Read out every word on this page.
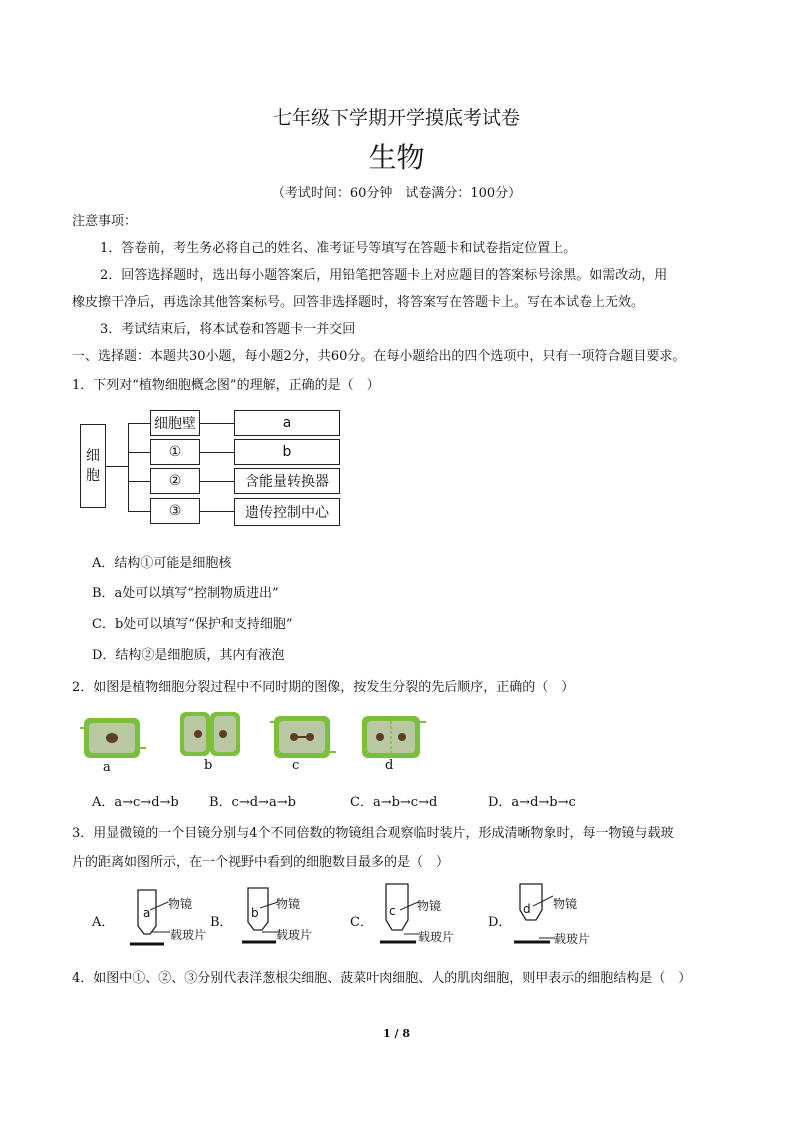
七年级下学期开学摸底考试卷
生物
（考试时间：60分钟　试卷满分：100分）
注意事项：
1．答卷前，考生务必将自己的姓名、准考证号等填写在答题卡和试卷指定位置上。
2．回答选择题时，选出每小题答案后，用铅笔把答题卡上对应题目的答案标号涂黑。如需改动，用
橡皮擦干净后，再选涂其他答案标号。回答非选择题时，将答案写在答题卡上。写在本试卷上无效。
3．考试结束后，将本试卷和答题卡一并交回
一、选择题：本题共30小题，每小题2分，共60分。在每小题给出的四个选项中，只有一项符合题目要求。
1．下列对“植物细胞概念图”的理解，正确的是（　）
细
胞
细胞壁
①
②
③
a
b
含能量转换器
遗传控制中心
A．结构①可能是细胞核
B．a处可以填写“控制物质进出”
C．b处可以填写“保护和支持细胞”
D．结构②是细胞质，其内有液泡
2．如图是植物细胞分裂过程中不同时期的图像，按发生分裂的先后顺序，正确的（　）
a	b	c	d
A．a→c→d→b B．c→d→a→b	C．a→b→c→d	D．a→d→b→c
3．用显微镜的一个目镜分别与4个不同倍数的物镜组合观察临时装片，形成清晰物象时，每一物镜与载玻
片的距离如图所示，在一个视野中看到的细胞数目最多的是（　）
A．
a
物镜
载玻片
B．
b
物镜
载玻片
C．
c 物镜
载玻片
D．
d 物镜
载玻片
4．如图中①、②、③分别代表洋葱根尖细胞、菠菜叶肉细胞、人的肌肉细胞，则甲表示的细胞结构是（　）
1 / 8
